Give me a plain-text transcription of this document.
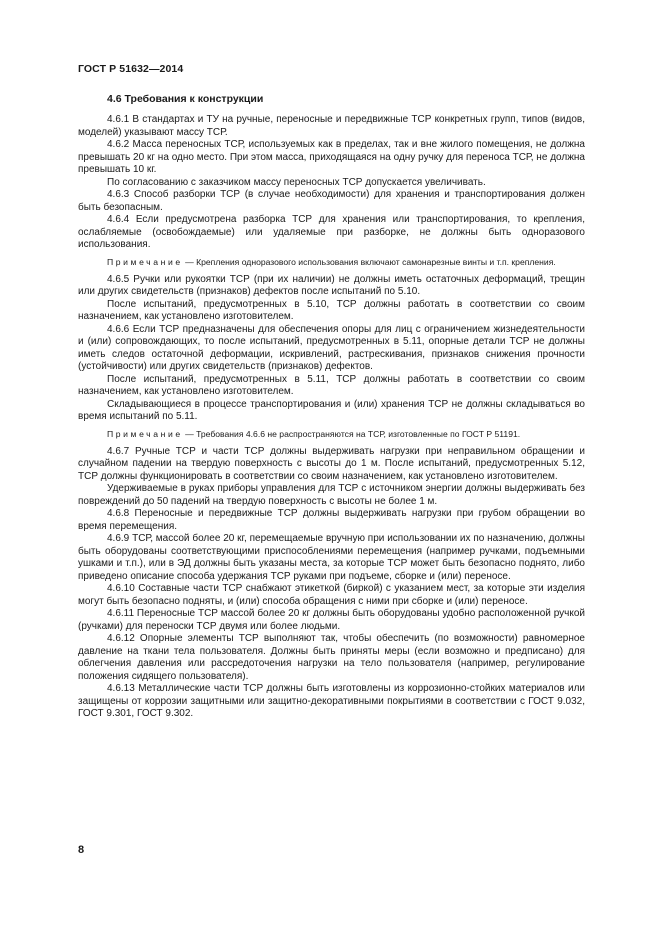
ГОСТ Р 51632—2014
4.6 Требования к конструкции

4.6.1 В стандартах и ТУ на ручные, переносные и передвижные ТСР конкретных групп, типов (видов, моделей) указывают массу ТСР.

4.6.2 Масса переносных ТСР, используемых как в пределах, так и вне жилого помещения, не должна превышать 20 кг на одно место. При этом масса, приходящаяся на одну ручку для переноса ТСР, не должна превышать 10 кг.

По согласованию с заказчиком массу переносных ТСР допускается увеличивать.

4.6.3 Способ разборки ТСР (в случае необходимости) для хранения и транспортирования должен быть безопасным.

4.6.4 Если предусмотрена разборка ТСР для хранения или транспортирования, то крепления, ослабляемые (освобождаемые) или удаляемые при разборке, не должны быть одноразового использования.

Примечание — Крепления одноразового использования включают самонарезные винты и т.п. крепления.

4.6.5 Ручки или рукоятки ТСР (при их наличии) не должны иметь остаточных деформаций, трещин или других свидетельств (признаков) дефектов после испытаний по 5.10.

После испытаний, предусмотренных в 5.10, ТСР должны работать в соответствии со своим назначением, как установлено изготовителем.

4.6.6 Если ТСР предназначены для обеспечения опоры для лиц с ограничением жизнедеятельности и (или) сопровождающих, то после испытаний, предусмотренных в 5.11, опорные детали ТСР не должны иметь следов остаточной деформации, искривлений, растрескивания, признаков снижения прочности (устойчивости) или других свидетельств (признаков) дефектов.

После испытаний, предусмотренных в 5.11, ТСР должны работать в соответствии со своим назначением, как установлено изготовителем.

Складывающиеся в процессе транспортирования и (или) хранения ТСР не должны складываться во время испытаний по 5.11.

Примечание — Требования 4.6.6 не распространяются на ТСР, изготовленные по ГОСТ Р 51191.

4.6.7 Ручные ТСР и части ТСР должны выдерживать нагрузки при неправильном обращении и случайном падении на твердую поверхность с высоты до 1 м. После испытаний, предусмотренных 5.12, ТСР должны функционировать в соответствии со своим назначением, как установлено изготовителем.

Удерживаемые в руках приборы управления для ТСР с источником энергии должны выдерживать без повреждений до 50 падений на твердую поверхность с высоты не более 1 м.

4.6.8 Переносные и передвижные ТСР должны выдерживать нагрузки при грубом обращении во время перемещения.

4.6.9 ТСР, массой более 20 кг, перемещаемые вручную при использовании их по назначению, должны быть оборудованы соответствующими приспособлениями перемещения (например ручками, подъемными ушками и т.п.), или в ЭД должны быть указаны места, за которые ТСР может быть безопасно поднято, либо приведено описание способа удержания ТСР руками при подъеме, сборке и (или) переносе.

4.6.10 Составные части ТСР снабжают этикеткой (биркой) с указанием мест, за которые эти изделия могут быть безопасно подняты, и (или) способа обращения с ними при сборке и (или) переносе.

4.6.11 Переносные ТСР массой более 20 кг должны быть оборудованы удобно расположенной ручкой (ручками) для переноски ТСР двумя или более людьми.

4.6.12 Опорные элементы ТСР выполняют так, чтобы обеспечить (по возможности) равномерное давление на ткани тела пользователя. Должны быть приняты меры (если возможно и предписано) для облегчения давления или рассредоточения нагрузки на тело пользователя (например, регулирование положения сидящего пользователя).

4.6.13 Металлические части ТСР должны быть изготовлены из коррозионно-стойких материалов или защищены от коррозии защитными или защитно-декоративными покрытиями в соответствии с ГОСТ 9.032, ГОСТ 9.301, ГОСТ 9.302.

8
